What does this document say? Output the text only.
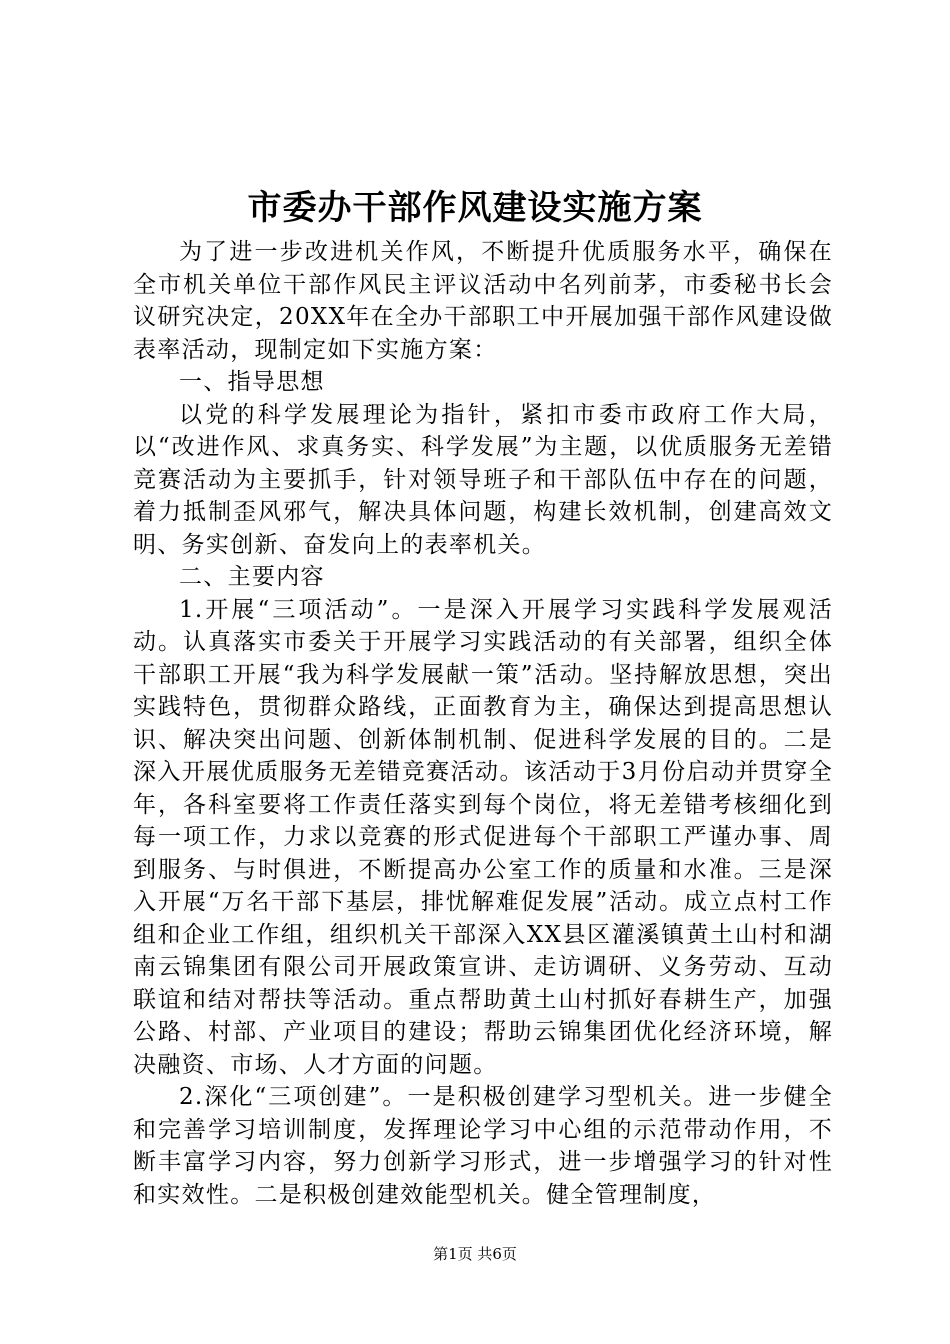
市委办干部作风建设实施方案

为了进一步改进机关作风，不断提升优质服务水平，确保在全市机关单位干部作风民主评议活动中名列前茅，市委秘书长会议研究决定，20XX年在全办干部职工中开展加强干部作风建设做表率活动，现制定如下实施方案：

一、指导思想

以党的科学发展理论为指针，紧扣市委市政府工作大局，以“改进作风、求真务实、科学发展”为主题，以优质服务无差错竞赛活动为主要抓手，针对领导班子和干部队伍中存在的问题，着力抵制歪风邪气，解决具体问题，构建长效机制，创建高效文明、务实创新、奋发向上的表率机关。

二、主要内容

1.开展“三项活动”。一是深入开展学习实践科学发展观活动。认真落实市委关于开展学习实践活动的有关部署，组织全体干部职工开展“我为科学发展献一策”活动。坚持解放思想，突出实践特色，贯彻群众路线，正面教育为主，确保达到提高思想认识、解决突出问题、创新体制机制、促进科学发展的目的。二是深入开展优质服务无差错竞赛活动。该活动于3月份启动并贯穿全年，各科室要将工作责任落实到每个岗位，将无差错考核细化到每一项工作，力求以竞赛的形式促进每个干部职工严谨办事、周到服务、与时俱进，不断提高办公室工作的质量和水准。三是深入开展“万名干部下基层，排忧解难促发展”活动。成立点村工作组和企业工作组，组织机关干部深入XX县区灌溪镇黄土山村和湖南云锦集团有限公司开展政策宣讲、走访调研、义务劳动、互动联谊和结对帮扶等活动。重点帮助黄土山村抓好春耕生产，加强公路、村部、产业项目的建设；帮助云锦集团优化经济环境，解决融资、市场、人才方面的问题。

2.深化“三项创建”。一是积极创建学习型机关。进一步健全和完善学习培训制度，发挥理论学习中心组的示范带动作用，不断丰富学习内容，努力创新学习形式，进一步增强学习的针对性和实效性。二是积极创建效能型机关。健全管理制度，

第1页 共6页
